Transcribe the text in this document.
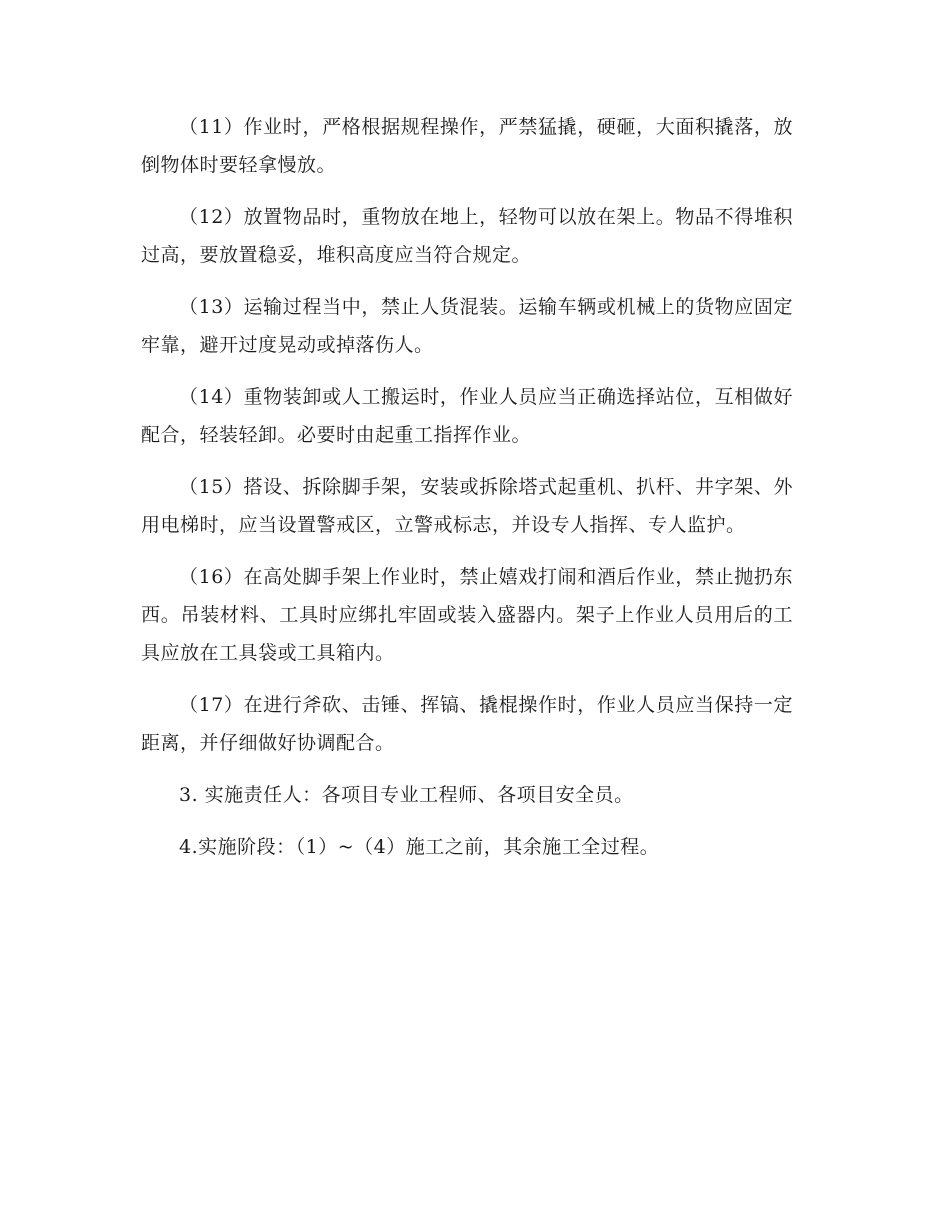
（11）作业时，严格根据规程操作，严禁猛撬，硬砸，大面积撬落，放倒物体时要轻拿慢放。

（12）放置物品时，重物放在地上，轻物可以放在架上。物品不得堆积过高，要放置稳妥，堆积高度应当符合规定。

（13）运输过程当中，禁止人货混装。运输车辆或机械上的货物应固定牢靠，避开过度晃动或掉落伤人。

（14）重物装卸或人工搬运时，作业人员应当正确选择站位，互相做好配合，轻装轻卸。必要时由起重工指挥作业。

（15）搭设、拆除脚手架，安装或拆除塔式起重机、扒杆、井字架、外用电梯时，应当设置警戒区，立警戒标志，并设专人指挥、专人监护。

（16）在高处脚手架上作业时，禁止嬉戏打闹和酒后作业，禁止抛扔东西。吊装材料、工具时应绑扎牢固或装入盛器内。架子上作业人员用后的工具应放在工具袋或工具箱内。

（17）在进行斧砍、击锤、挥镐、撬棍操作时，作业人员应当保持一定距离，并仔细做好协调配合。

3. 实施责任人：各项目专业工程师、各项目安全员。

4.实施阶段：（1）~（4）施工之前，其余施工全过程。
